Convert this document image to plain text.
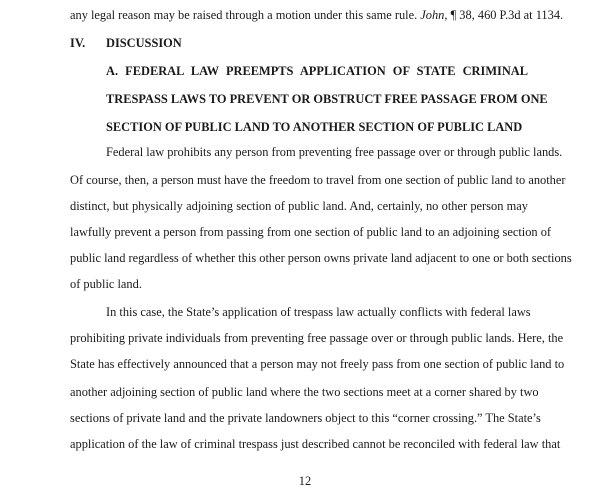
any legal reason may be raised through a motion under this same rule. John, ¶ 38, 460 P.3d at 1134.
IV. DISCUSSION
A. FEDERAL LAW PREEMPTS APPLICATION OF STATE CRIMINAL
TRESPASS LAWS TO PREVENT OR OBSTRUCT FREE PASSAGE FROM ONE
SECTION OF PUBLIC LAND TO ANOTHER SECTION OF PUBLIC LAND
Federal law prohibits any person from preventing free passage over or through public lands.
Of course, then, a person must have the freedom to travel from one section of public land to another
distinct, but physically adjoining section of public land. And, certainly, no other person may
lawfully prevent a person from passing from one section of public land to an adjoining section of
public land regardless of whether this other person owns private land adjacent to one or both sections
of public land.
In this case, the State’s application of trespass law actually conflicts with federal laws
prohibiting private individuals from preventing free passage over or through public lands. Here, the
State has effectively announced that a person may not freely pass from one section of public land to
another adjoining section of public land where the two sections meet at a corner shared by two
sections of private land and the private landowners object to this “corner crossing.” The State’s
application of the law of criminal trespass just described cannot be reconciled with federal law that
12
